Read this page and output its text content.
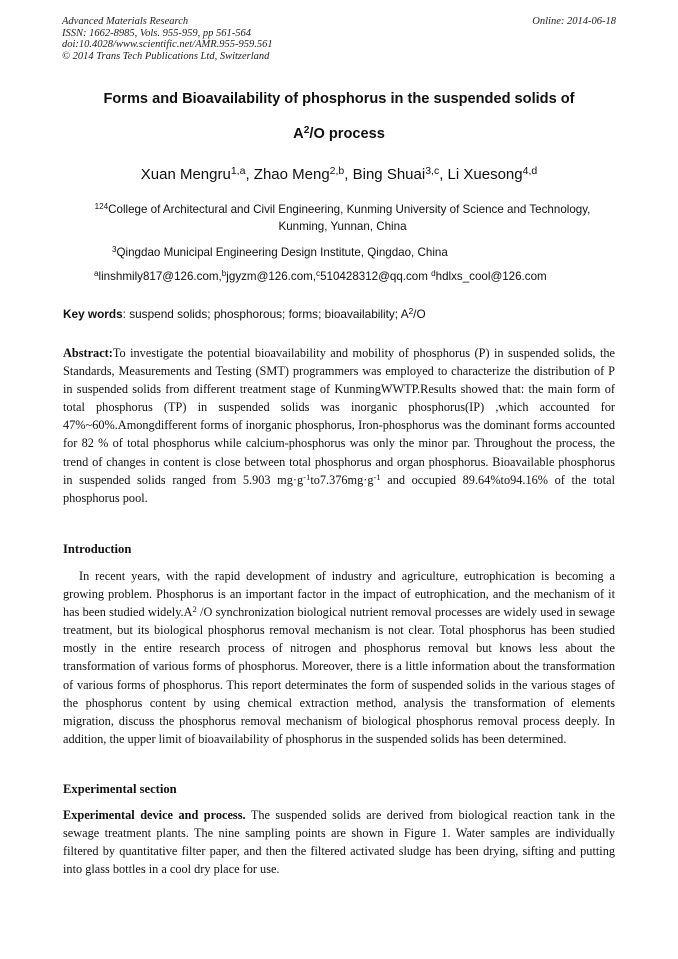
Advanced Materials Research
ISSN: 1662-8985, Vols. 955-959, pp 561-564
doi:10.4028/www.scientific.net/AMR.955-959.561
© 2014 Trans Tech Publications Ltd, Switzerland
Online: 2014-06-18
Forms and Bioavailability of phosphorus in the suspended solids of
$A^2/O$ process
Xuan Mengru$^{1,a}$, Zhao Meng$^{2,b}$, Bing Shuai$^{3,c}$, Li Xuesong$^{4,d}$
$^{124}$College of Architectural and Civil Engineering, Kunming University of Science and Technology,
Kunming, Yunnan, China
$^3$Qingdao Municipal Engineering Design Institute, Qingdao, China
$^a$linshmily817@126.com,$^b$jgyzm@126.com,$^c$510428312@qq.com $^d$hdlxs_cool@126.com
Key words: suspend solids; phosphorous; forms; bioavailability; $A^2/O$
Abstract:To investigate the potential bioavailability and mobility of phosphorus (P) in suspended solids, the Standards, Measurements and Testing (SMT) programmers was employed to characterize the distribution of P in suspended solids from different treatment stage of KunmingWWTP.Results showed that: the main form of total phosphorus (TP) in suspended solids was inorganic phosphorus(IP) ,which accounted for 47%~60%.Amongdifferent forms of inorganic phosphorus, Iron-phosphorus was the dominant forms accounted for 82 % of total phosphorus while calcium-phosphorus was only the minor par. Throughout the process, the trend of changes in content is close between total phosphorus and organ phosphorus. Bioavailable phosphorus in suspended solids ranged from 5.903 $mg\cdot g^{-1}to7.376mg\cdot g^{-1}$ and occupied 89.64%to94.16% of the total phosphorus pool.
Introduction
In recent years, with the rapid development of industry and agriculture, eutrophication is becoming a growing problem. Phosphorus is an important factor in the impact of eutrophication, and the mechanism of it has been studied $widely.A^2$ /O synchronization biological nutrient removal processes are widely used in sewage treatment, but its biological phosphorus removal mechanism is not clear. Total phosphorus has been studied mostly in the entire research process of nitrogen and phosphorus removal but knows less about the transformation of various forms of phosphorus. Moreover, there is a little information about the transformation of various forms of phosphorus. This report determinates the form of suspended solids in the various stages of the phosphorus content by using chemical extraction method, analysis the transformation of elements migration, discuss the phosphorus removal mechanism of biological phosphorus removal process deeply. In addition, the upper limit of bioavailability of phosphorus in the suspended solids has been determined.
Experimental section
Experimental device and process. The suspended solids are derived from biological reaction tank in the sewage treatment plants. The nine sampling points are shown in Figure 1. Water samples are individually filtered by quantitative filter paper, and then the filtered activated sludge has been drying, sifting and putting into glass bottles in a cool dry place for use.
